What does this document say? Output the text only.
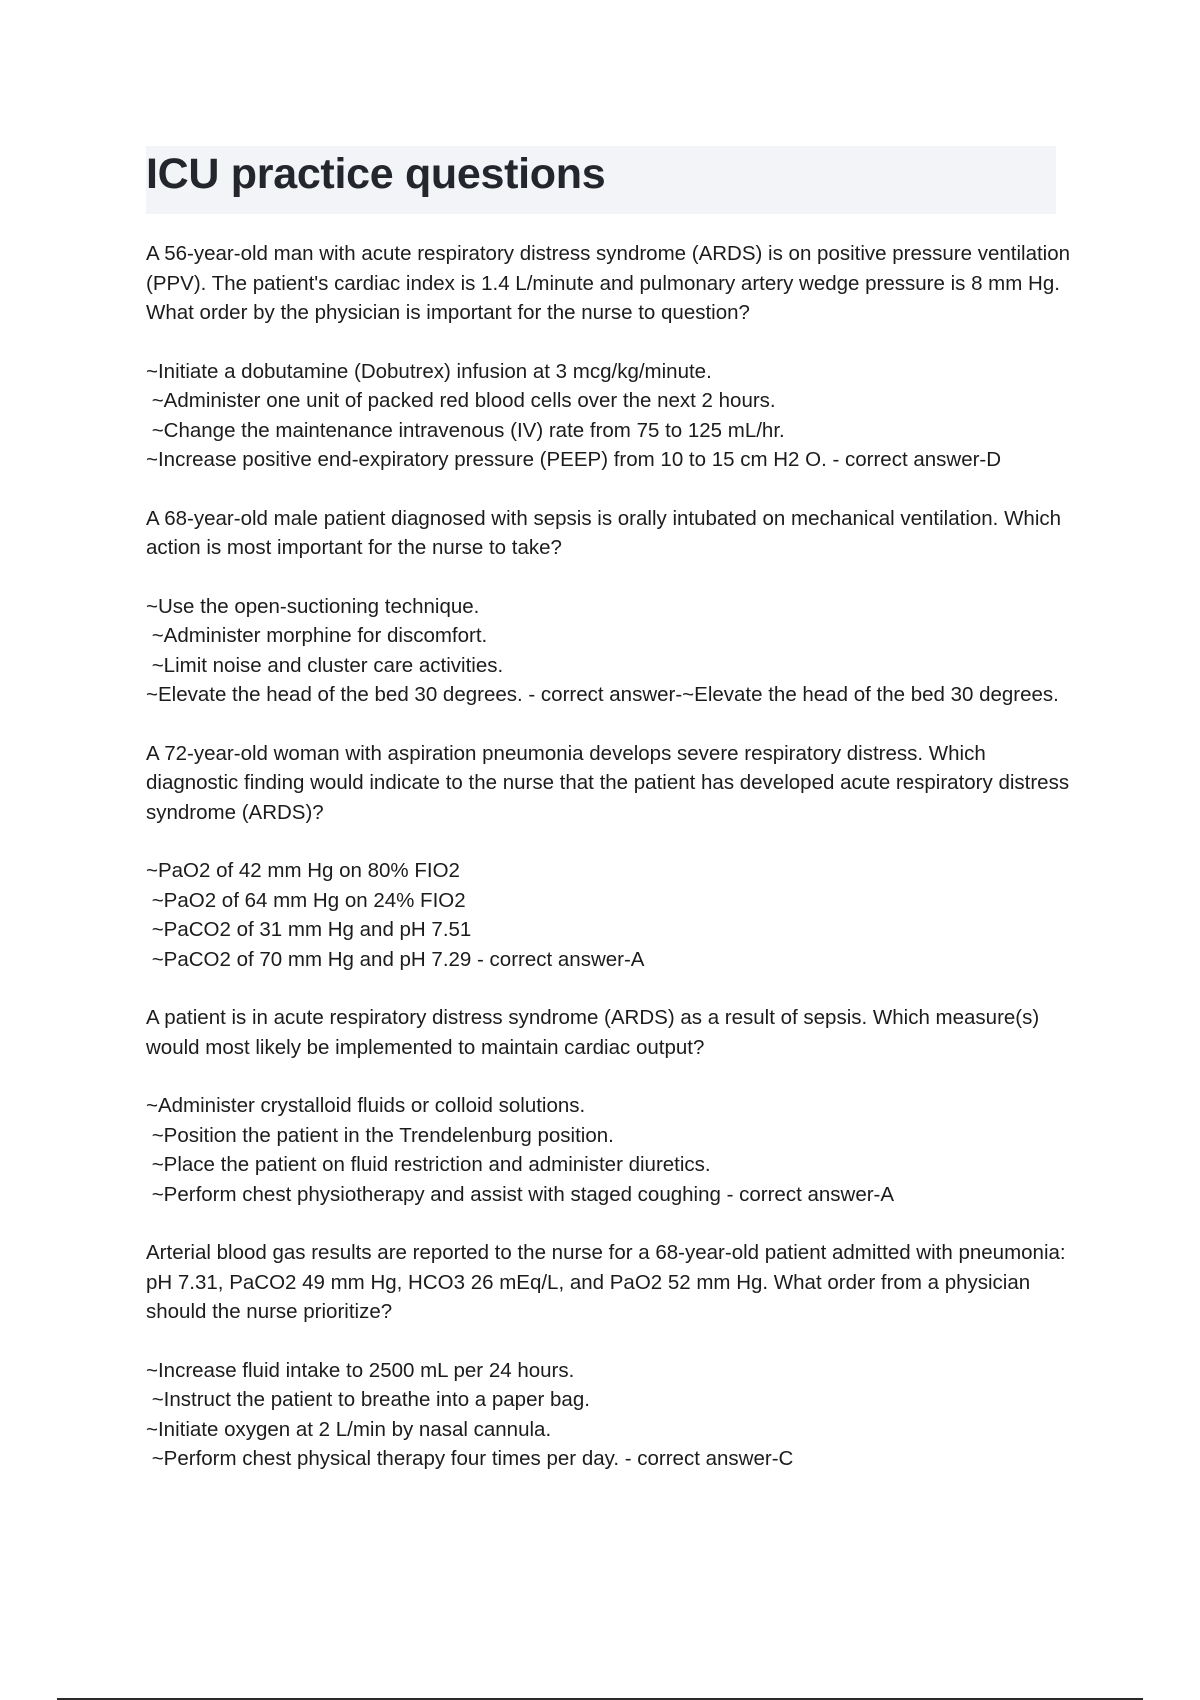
ICU practice questions

A 56-year-old man with acute respiratory distress syndrome (ARDS) is on positive pressure ventilation (PPV). The patient's cardiac index is 1.4 L/minute and pulmonary artery wedge pressure is 8 mm Hg. What order by the physician is important for the nurse to question?

~Initiate a dobutamine (Dobutrex) infusion at 3 mcg/kg/minute.

~Administer one unit of packed red blood cells over the next 2 hours.

~Change the maintenance intravenous (IV) rate from 75 to 125 mL/hr.

~Increase positive end-expiratory pressure (PEEP) from 10 to 15 cm H2 O. - correct answer-D

A 68-year-old male patient diagnosed with sepsis is orally intubated on mechanical ventilation. Which action is most important for the nurse to take?

~Use the open-suctioning technique.

~Administer morphine for discomfort.

~Limit noise and cluster care activities.

~Elevate the head of the bed 30 degrees. - correct answer-~Elevate the head of the bed 30 degrees.

A 72-year-old woman with aspiration pneumonia develops severe respiratory distress. Which diagnostic finding would indicate to the nurse that the patient has developed acute respiratory distress syndrome (ARDS)?

~PaO2 of 42 mm Hg on 80% FIO2

~PaO2 of 64 mm Hg on 24% FIO2

~PaCO2 of 31 mm Hg and pH 7.51

~PaCO2 of 70 mm Hg and pH 7.29 - correct answer-A

A patient is in acute respiratory distress syndrome (ARDS) as a result of sepsis. Which measure(s) would most likely be implemented to maintain cardiac output?

~Administer crystalloid fluids or colloid solutions.

~Position the patient in the Trendelenburg position.

~Place the patient on fluid restriction and administer diuretics.

~Perform chest physiotherapy and assist with staged coughing - correct answer-A

Arterial blood gas results are reported to the nurse for a 68-year-old patient admitted with pneumonia: pH 7.31, PaCO2 49 mm Hg, HCO3 26 mEq/L, and PaO2 52 mm Hg. What order from a physician should the nurse prioritize?

~Increase fluid intake to 2500 mL per 24 hours.

~Instruct the patient to breathe into a paper bag.

~Initiate oxygen at 2 L/min by nasal cannula.

~Perform chest physical therapy four times per day. - correct answer-C
